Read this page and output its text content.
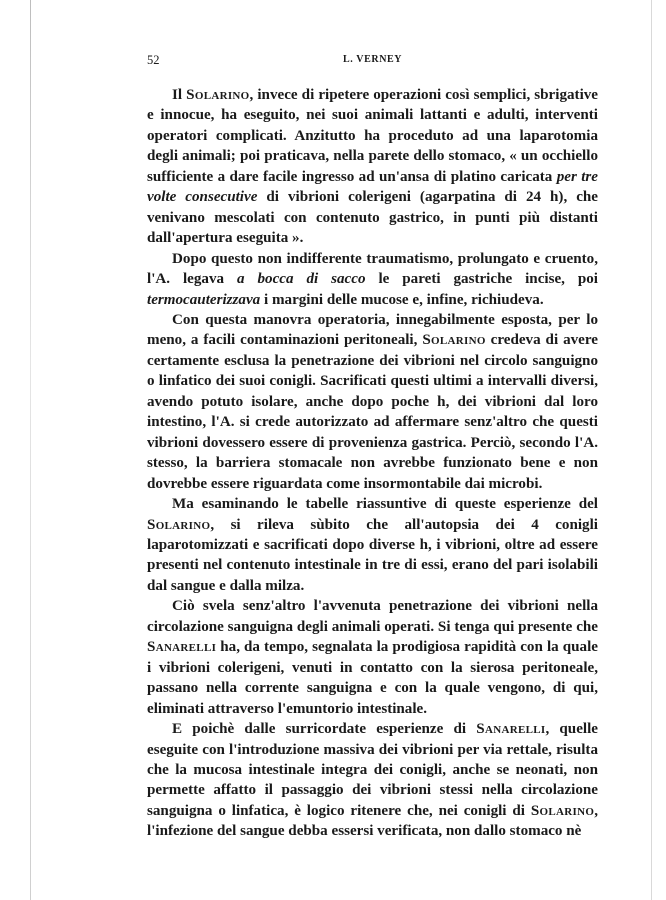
52	L. VERNEY

Il Solarino, invece di ripetere operazioni così semplici, sbrigative e innocue, ha eseguito, nei suoi animali lattanti e adulti, interventi operatori complicati. Anzitutto ha proceduto ad una laparotomia degli animali; poi praticava, nella parete dello stomaco, « un occhiello sufficiente a dare facile ingresso ad un'ansa di platino caricata per tre volte consecutive di vibrioni colerigeni (agarpatina di 24 h), che venivano mescolati con contenuto gastrico, in punti più distanti dall'apertura eseguita ».

Dopo questo non indifferente traumatismo, prolungato e cruento, l'A. legava a bocca di sacco le pareti gastriche incise, poi termocauterizzava i margini delle mucose e, infine, richiudeva.

Con questa manovra operatoria, innegabilmente esposta, per lo meno, a facili contaminazioni peritoneali, Solarino credeva di avere certamente esclusa la penetrazione dei vibrioni nel circolo sanguigno o linfatico dei suoi conigli. Sacrificati questi ultimi a intervalli diversi, avendo potuto isolare, anche dopo poche h, dei vibrioni dal loro intestino, l'A. si crede autorizzato ad affermare senz'altro che questi vibrioni dovessero essere di provenienza gastrica. Perciò, secondo l'A. stesso, la barriera stomacale non avrebbe funzionato bene e non dovrebbe essere riguardata come insormontabile dai microbi.

Ma esaminando le tabelle riassuntive di queste esperienze del Solarino, si rileva sùbito che all'autopsia dei 4 conigli laparotomizzati e sacrificati dopo diverse h, i vibrioni, oltre ad essere presenti nel contenuto intestinale in tre di essi, erano del pari isolabili dal sangue e dalla milza.

Ciò svela senz'altro l'avvenuta penetrazione dei vibrioni nella circolazione sanguigna degli animali operati. Si tenga qui presente che Sanarelli ha, da tempo, segnalata la prodigiosa rapidità con la quale i vibrioni colerigeni, venuti in contatto con la sierosa peritoneale, passano nella corrente sanguigna e con la quale vengono, di qui, eliminati attraverso l'emuntorio intestinale.

E poichè dalle surricordate esperienze di Sanarelli, quelle eseguite con l'introduzione massiva dei vibrioni per via rettale, risulta che la mucosa intestinale integra dei conigli, anche se neonati, non permette affatto il passaggio dei vibrioni stessi nella circolazione sanguigna o linfatica, è logico ritenere che, nei conigli di Solarino, l'infezione del sangue debba essersi verificata, non dallo stomaco nè
